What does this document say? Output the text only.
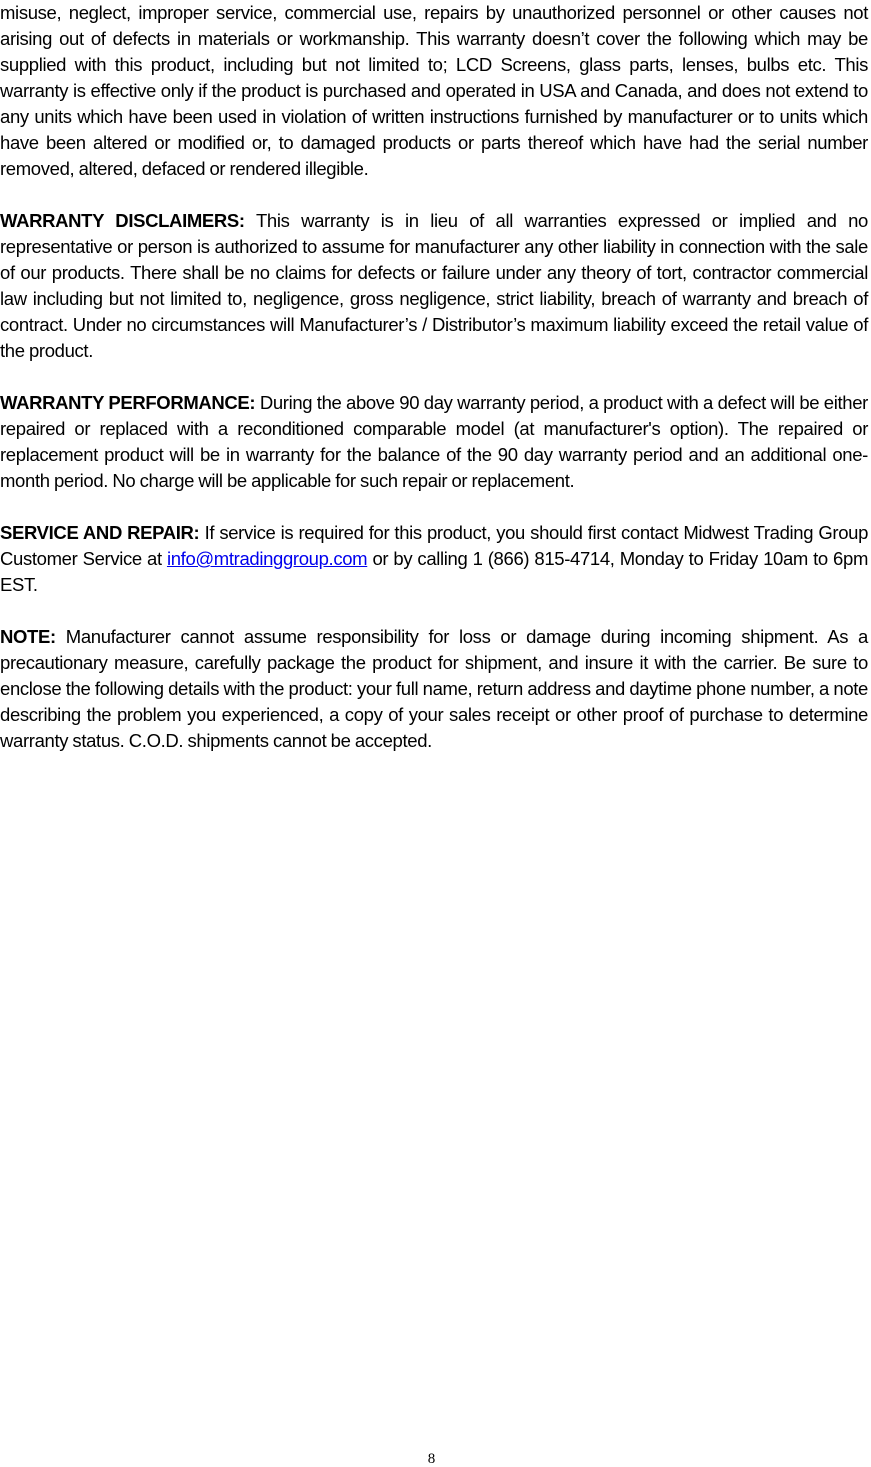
misuse, neglect, improper service, commercial use, repairs by unauthorized personnel or other causes not arising out of defects in materials or workmanship. This warranty doesn’t cover the following which may be supplied with this product, including but not limited to; LCD Screens, glass parts, lenses, bulbs etc. This warranty is effective only if the product is purchased and operated in USA and Canada, and does not extend to any units which have been used in violation of written instructions furnished by manufacturer or to units which have been altered or modified or, to damaged products or parts thereof which have had the serial number removed, altered, defaced or rendered illegible.

WARRANTY DISCLAIMERS: This warranty is in lieu of all warranties expressed or implied and no representative or person is authorized to assume for manufacturer any other liability in connection with the sale of our products. There shall be no claims for defects or failure under any theory of tort, contractor commercial law including but not limited to, negligence, gross negligence, strict liability, breach of warranty and breach of contract. Under no circumstances will Manufacturer’s / Distributor’s maximum liability exceed the retail value of the product.

WARRANTY PERFORMANCE: During the above 90 day warranty period, a product with a defect will be either repaired or replaced with a reconditioned comparable model (at manufacturer's option). The repaired or replacement product will be in warranty for the balance of the 90 day warranty period and an additional one-month period. No charge will be applicable for such repair or replacement.

SERVICE AND REPAIR: If service is required for this product, you should first contact Midwest Trading Group Customer Service at info@mtradinggroup.com or by calling 1 (866) 815-4714, Monday to Friday 10am to 6pm EST.

NOTE: Manufacturer cannot assume responsibility for loss or damage during incoming shipment. As a precautionary measure, carefully package the product for shipment, and insure it with the carrier. Be sure to enclose the following details with the product: your full name, return address and daytime phone number, a note describing the problem you experienced, a copy of your sales receipt or other proof of purchase to determine warranty status. C.O.D. shipments cannot be accepted.

8
